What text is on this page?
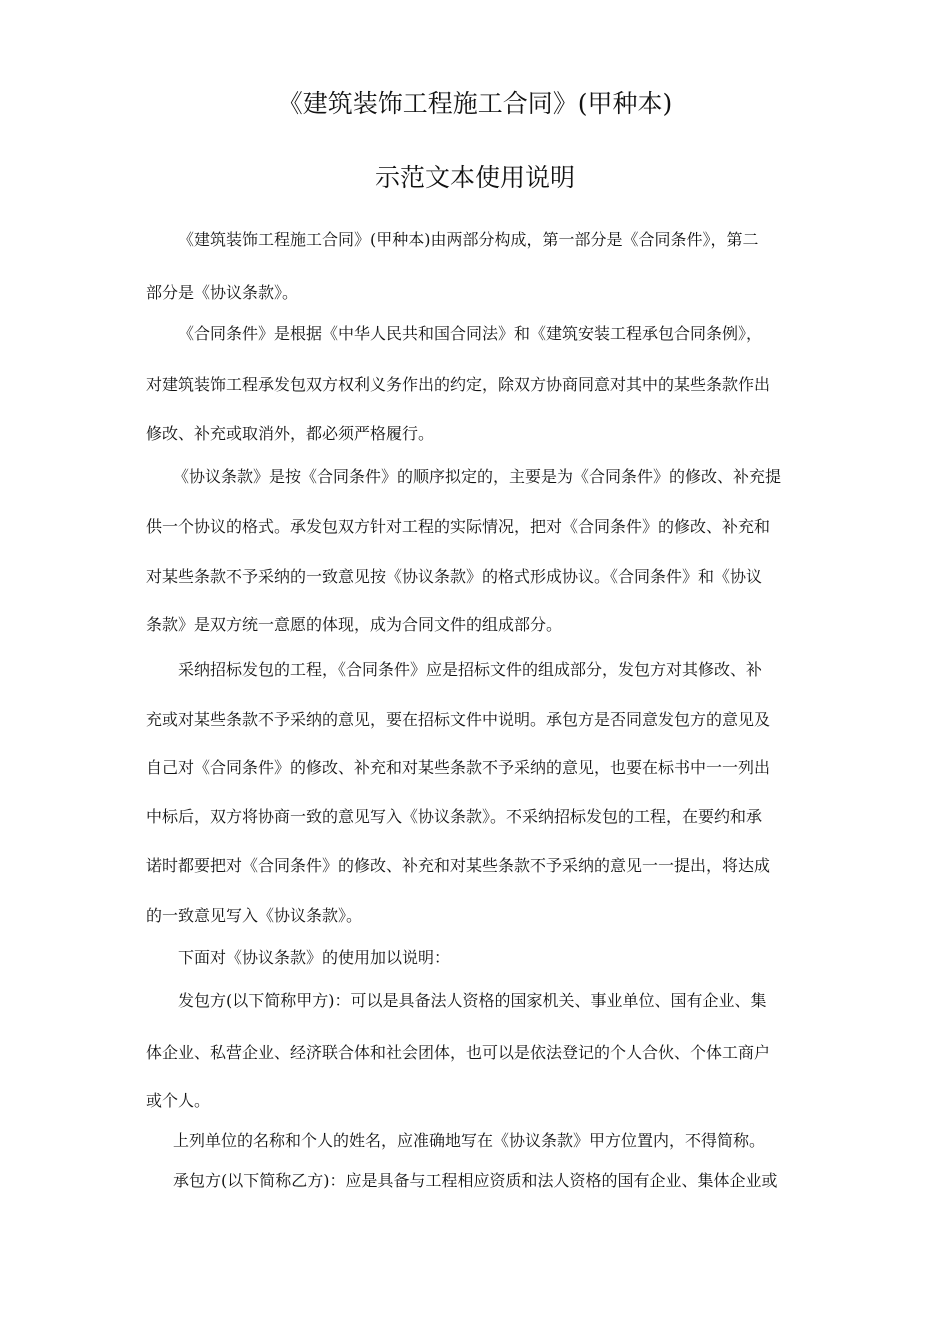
《建筑装饰工程施工合同》(甲种本)
示范文本使用说明
《建筑装饰工程施工合同》(甲种本)由两部分构成，第一部分是《合同条件》，第二
部分是《协议条款》。
《合同条件》是根据《中华人民共和国合同法》和《建筑安装工程承包合同条例》，
对建筑装饰工程承发包双方权利义务作出的约定，除双方协商同意对其中的某些条款作出
修改、补充或取消外，都必须严格履行。
《协议条款》是按《合同条件》的顺序拟定的，主要是为《合同条件》的修改、补充提
供一个协议的格式。承发包双方针对工程的实际情况，把对《合同条件》的修改、补充和
对某些条款不予采纳的一致意见按《协议条款》的格式形成协议。《合同条件》和《协议
条款》是双方统一意愿的体现，成为合同文件的组成部分。
采纳招标发包的工程，《合同条件》应是招标文件的组成部分，发包方对其修改、补
充或对某些条款不予采纳的意见，要在招标文件中说明。承包方是否同意发包方的意见及
自己对《合同条件》的修改、补充和对某些条款不予采纳的意见，也要在标书中一一列出
中标后，双方将协商一致的意见写入《协议条款》。不采纳招标发包的工程，在要约和承
诺时都要把对《合同条件》的修改、补充和对某些条款不予采纳的意见一一提出，将达成
的一致意见写入《协议条款》。
下面对《协议条款》的使用加以说明：
发包方(以下简称甲方)：可以是具备法人资格的国家机关、事业单位、国有企业、集
体企业、私营企业、经济联合体和社会团体，也可以是依法登记的个人合伙、个体工商户
或个人。
上列单位的名称和个人的姓名，应准确地写在《协议条款》甲方位置内，不得简称。
承包方(以下简称乙方)：应是具备与工程相应资质和法人资格的国有企业、集体企业或
